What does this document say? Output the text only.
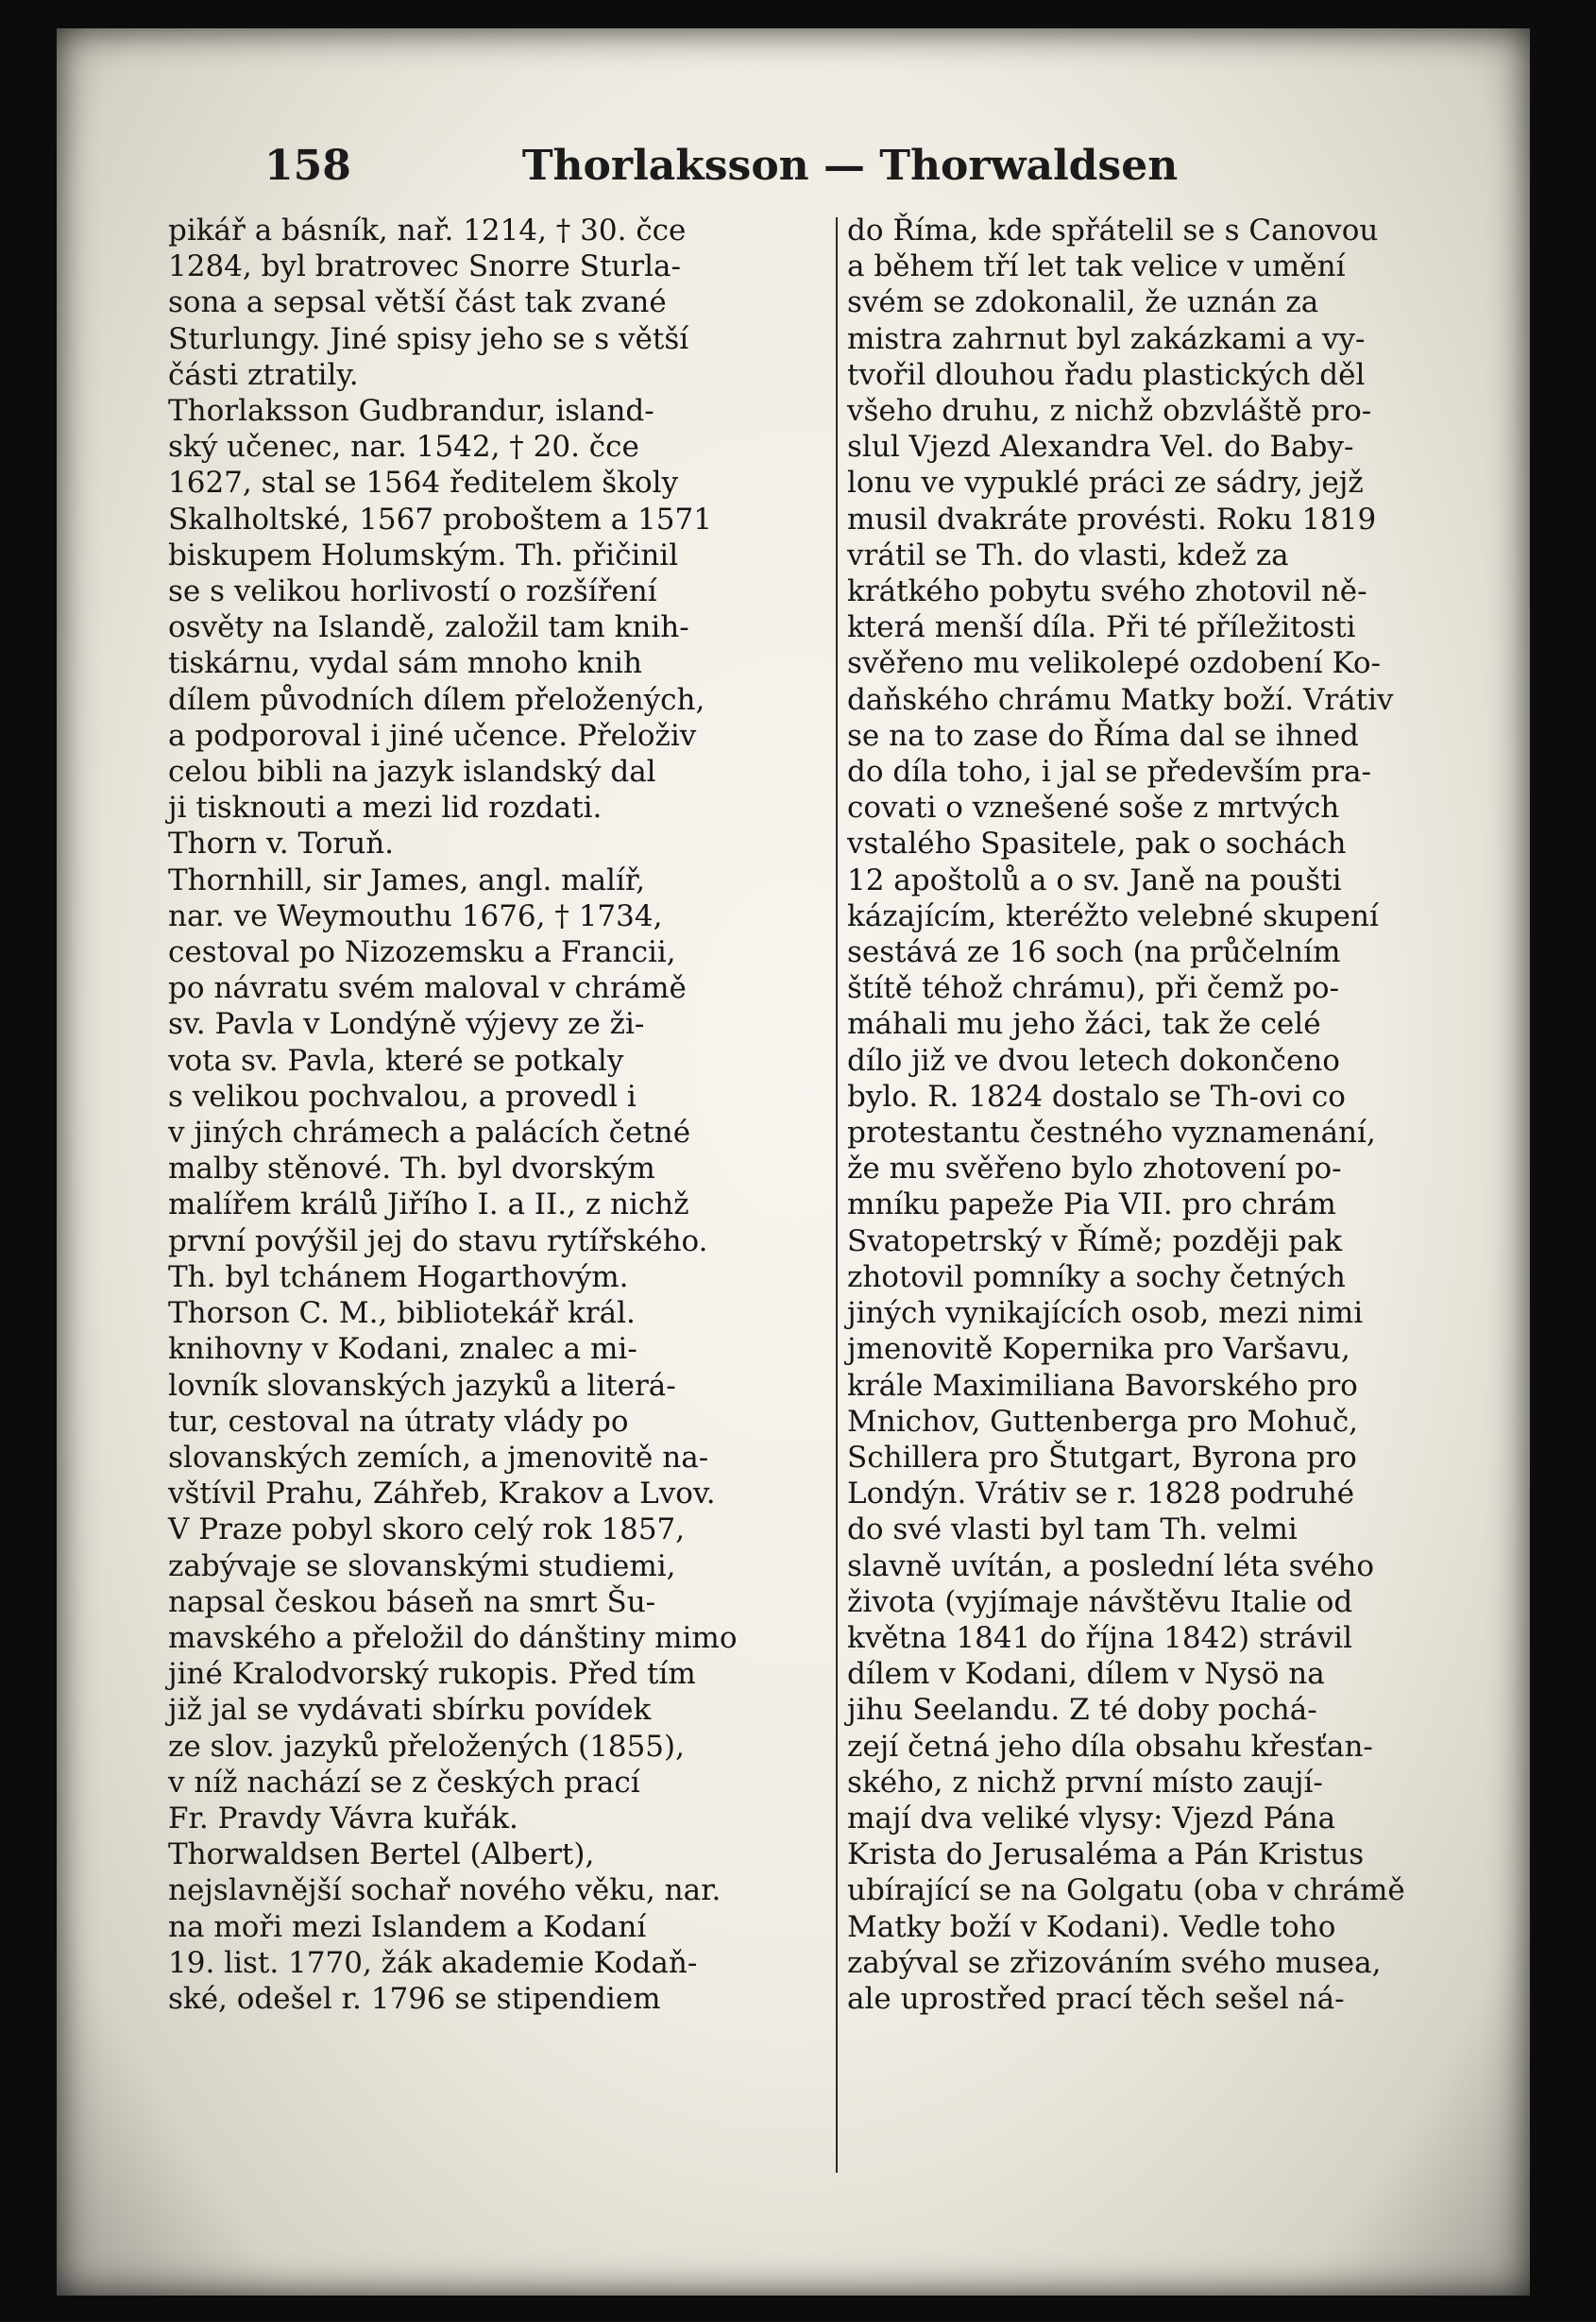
158	Thorlaksson — Thorwaldsen
pikář a básník, nař. 1214, † 30. čce
1284, byl bratrovec Snorre Sturla-
sona a sepsal větší část tak zvané
Sturlungy. Jiné spisy jeho se s větší
části ztratily.
Thorlaksson Gudbrandur, island-
ský učenec, nar. 1542, † 20. čce
1627, stal se 1564 ředitelem školy
Skalholtské, 1567 proboštem a 1571
biskupem Holumským. Th. přičinil
se s velikou horlivostí o rozšíření
osvěty na Islandě, založil tam knih-
tiskárnu, vydal sám mnoho knih
dílem původních dílem přeložených,
a podporoval i jiné učence. Přeloživ
celou bibli na jazyk islandský dal
ji tisknouti a mezi lid rozdati.
Thorn v. Toruň.
Thornhill, sir James, angl. malíř,
nar. ve Weymouthu 1676, † 1734,
cestoval po Nizozemsku a Francii,
po návratu svém maloval v chrámě
sv. Pavla v Londýně výjevy ze ži-
vota sv. Pavla, které se potkaly
s velikou pochvalou, a provedl i
v jiných chrámech a palácích četné
malby stěnové. Th. byl dvorským
malířem králů Jiřího I. a II., z nichž
první povýšil jej do stavu rytířského.
Th. byl tchánem Hogarthovým.
Thorson C. M., bibliotekář král.
knihovny v Kodani, znalec a mi-
lovník slovanských jazyků a literá-
tur, cestoval na útraty vlády po
slovanských zemích, a jmenovitě na-
vštívil Prahu, Záhřeb, Krakov a Lvov.
V Praze pobyl skoro celý rok 1857,
zabývaje se slovanskými studiemi,
napsal českou báseň na smrt Šu-
mavského a přeložil do dánštiny mimo
jiné Kralodvorský rukopis. Před tím
již jal se vydávati sbírku povídek
ze slov. jazyků přeložených (1855),
v níž nachází se z českých prací
Fr. Pravdy Vávra kuřák.
Thorwaldsen Bertel (Albert),
nejslavnější sochař nového věku, nar.
na moři mezi Islandem a Kodaní
19. list. 1770, žák akademie Kodaň-
ské, odešel r. 1796 se stipendiem
do Říma, kde spřátelil se s Canovou
a během tří let tak velice v umění
svém se zdokonalil, že uznán za
mistra zahrnut byl zakázkami a vy-
tvořil dlouhou řadu plastických děl
všeho druhu, z nichž obzvláště pro-
slul Vjezd Alexandra Vel. do Baby-
lonu ve vypuklé práci ze sádry, jejž
musil dvakráte provésti. Roku 1819
vrátil se Th. do vlasti, kdež za
krátkého pobytu svého zhotovil ně-
která menší díla. Při té příležitosti
svěřeno mu velikolepé ozdobení Ko-
daňského chrámu Matky boží. Vrátiv
se na to zase do Říma dal se ihned
do díla toho, i jal se především pra-
covati o vznešené soše z mrtvých
vstalého Spasitele, pak o sochách
12 apoštolů a o sv. Janě na poušti
kázajícím, kteréžto velebné skupení
sestává ze 16 soch (na průčelním
štítě téhož chrámu), při čemž po-
máhali mu jeho žáci, tak že celé
dílo již ve dvou letech dokončeno
bylo. R. 1824 dostalo se Th-ovi co
protestantu čestného vyznamenání,
že mu svěřeno bylo zhotovení po-
mníku papeže Pia VII. pro chrám
Svatopetrský v Římě; později pak
zhotovil pomníky a sochy četných
jiných vynikajících osob, mezi nimi
jmenovitě Kopernika pro Varšavu,
krále Maximiliana Bavorského pro
Mnichov, Guttenberga pro Mohuč,
Schillera pro Štutgart, Byrona pro
Londýn. Vrátiv se r. 1828 podruhé
do své vlasti byl tam Th. velmi
slavně uvítán, a poslední léta svého
života (vyjímaje návštěvu Italie od
května 1841 do října 1842) strávil
dílem v Kodani, dílem v Nysö na
jihu Seelandu. Z té doby pochá-
zejí četná jeho díla obsahu křesťan-
ského, z nichž první místo zaují-
mají dva veliké vlysy: Vjezd Pána
Krista do Jerusaléma a Pán Kristus
ubírající se na Golgatu (oba v chrámě
Matky boží v Kodani). Vedle toho
zabýval se zřizováním svého musea,
ale uprostřed prací těch sešel ná-
